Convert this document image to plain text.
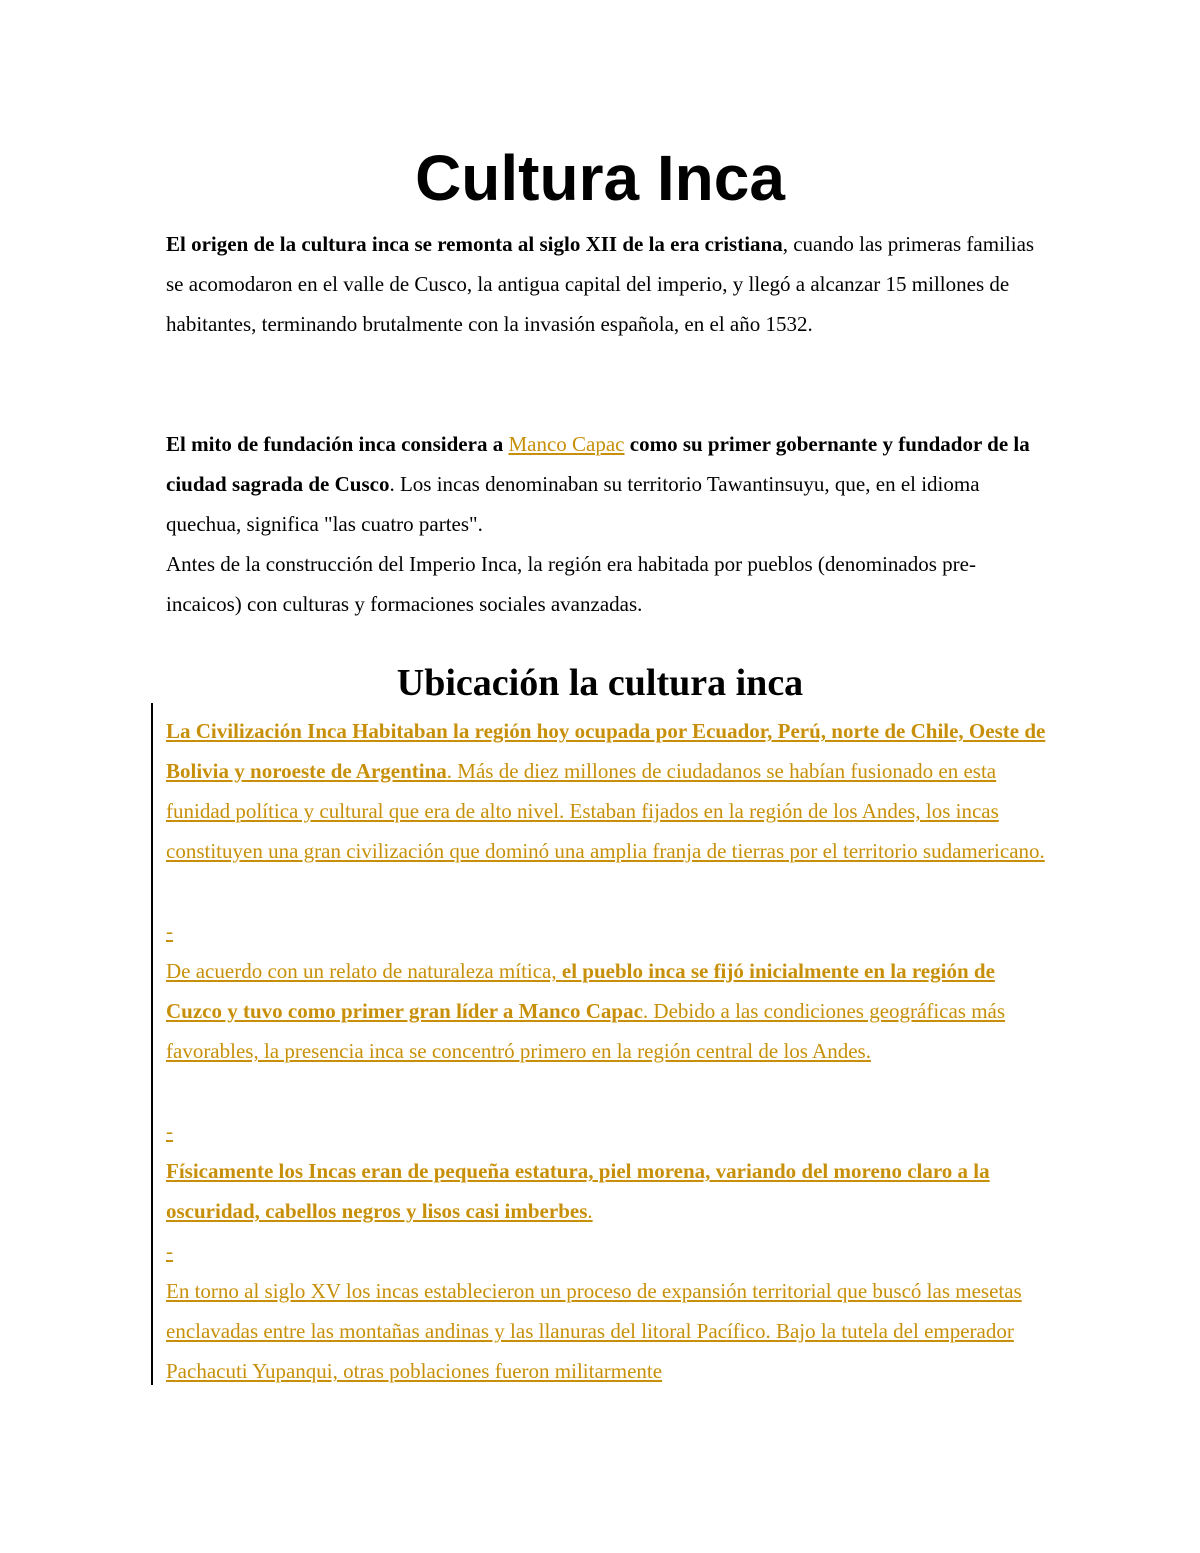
Cultura Inca

El origen de la cultura inca se remonta al siglo XII de la era cristiana, cuando las primeras familias se acomodaron en el valle de Cusco, la antigua capital del imperio, y llegó a alcanzar 15 millones de habitantes, terminando brutalmente con la invasión española, en el año 1532.

El mito de fundación inca considera a Manco Capac como su primer gobernante y fundador de la ciudad sagrada de Cusco. Los incas denominaban su territorio Tawantinsuyu, que, en el idioma quechua, significa "las cuatro partes".

Antes de la construcción del Imperio Inca, la región era habitada por pueblos (denominados pre-incaicos) con culturas y formaciones sociales avanzadas.

Ubicación la cultura inca

La Civilización Inca Habitaban la región hoy ocupada por Ecuador, Perú, norte de Chile, Oeste de Bolivia y noroeste de Argentina. Más de diez millones de ciudadanos se habían fusionado en esta funidad política y cultural que era de alto nivel. Estaban fijados en la región de los Andes, los incas constituyen una gran civilización que dominó una amplia franja de tierras por el territorio sudamericano.

-

De acuerdo con un relato de naturaleza mítica, el pueblo inca se fijó inicialmente en la región de Cuzco y tuvo como primer gran líder a Manco Capac. Debido a las condiciones geográficas más favorables, la presencia inca se concentró primero en la región central de los Andes.

-

Físicamente los Incas eran de pequeña estatura, piel morena, variando del moreno claro a la oscuridad, cabellos negros y lisos casi imberbes.

-

En torno al siglo XV los incas establecieron un proceso de expansión territorial que buscó las mesetas enclavadas entre las montañas andinas y las llanuras del litoral Pacífico. Bajo la tutela del emperador Pachacuti Yupanqui, otras poblaciones fueron militarmente
